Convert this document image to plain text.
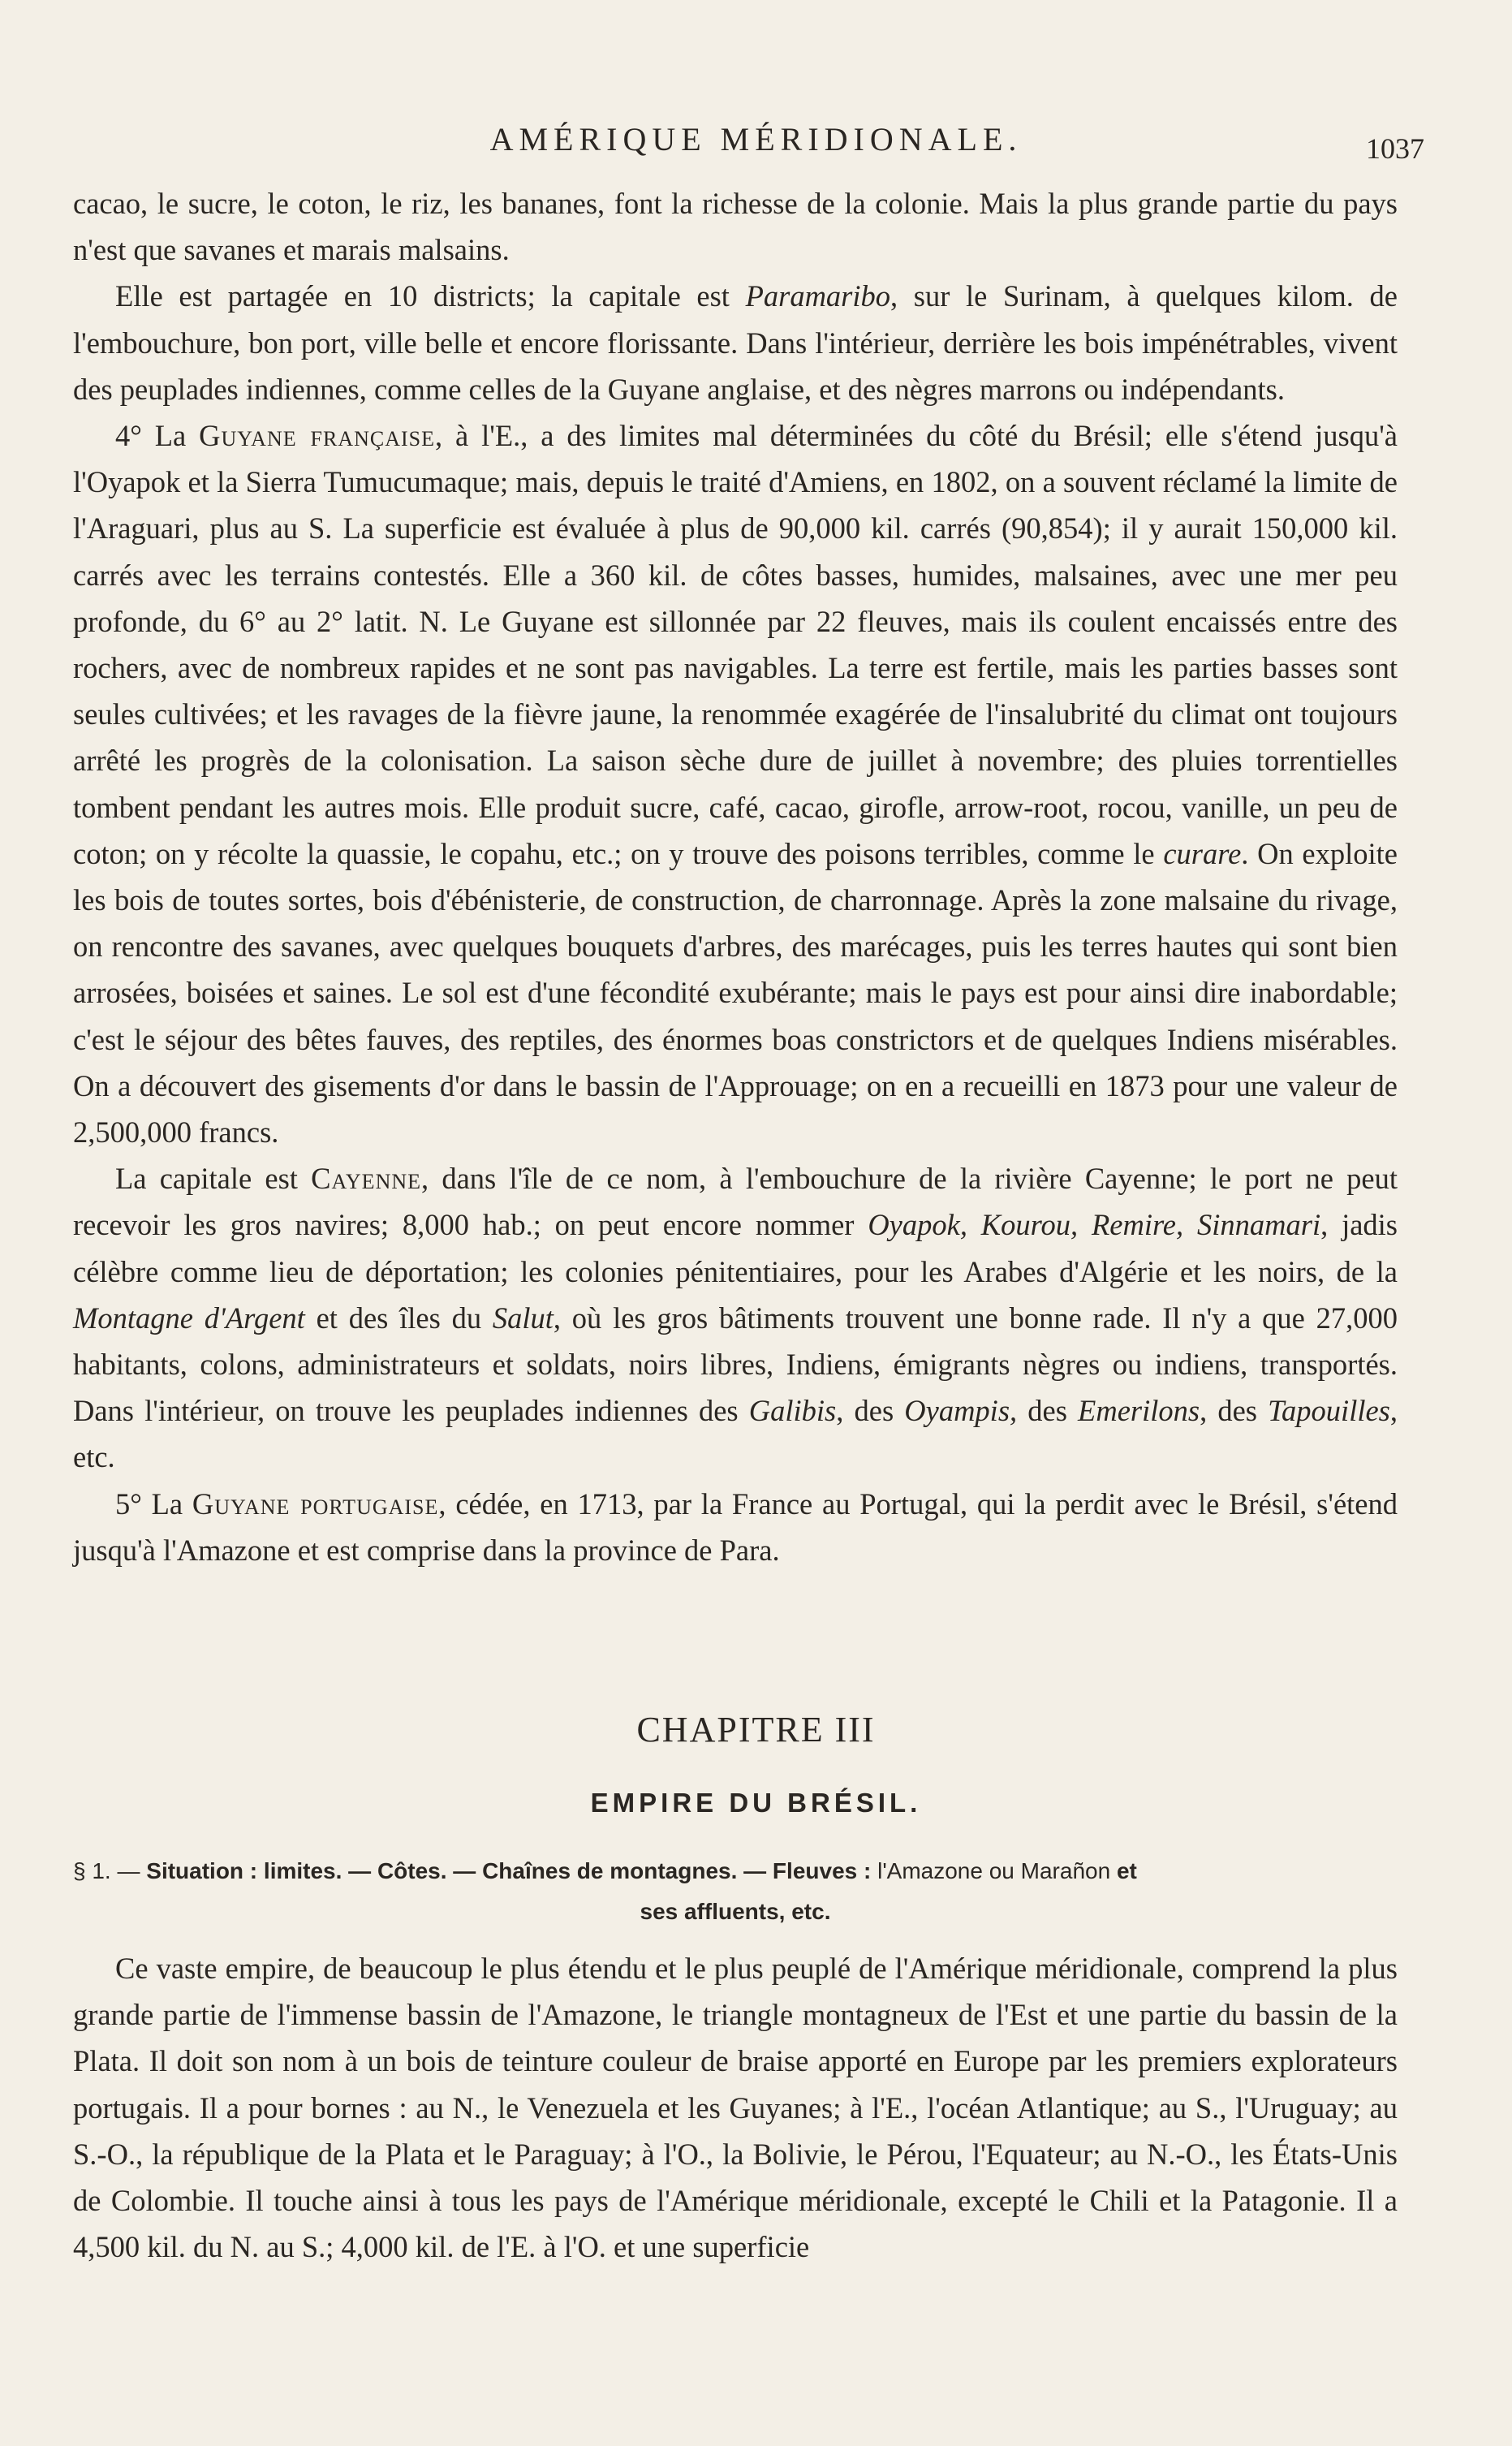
AMÉRIQUE MÉRIDIONALE.	1037

cacao, le sucre, le coton, le riz, les bananes, font la richesse de la colonie. Mais la plus grande partie du pays n'est que savanes et marais malsains.

Elle est partagée en 10 districts; la capitale est Paramaribo, sur le Surinam, à quelques kilom. de l'embouchure, bon port, ville belle et encore florissante. Dans l'intérieur, derrière les bois impénétrables, vivent des peuplades indiennes, comme celles de la Guyane anglaise, et des nègres marrons ou indépendants.

4° La Guyane française, à l'E., a des limites mal déterminées du côté du Brésil; elle s'étend jusqu'à l'Oyapok et la Sierra Tumucumaque; mais, depuis le traité d'Amiens, en 1802, on a souvent réclamé la limite de l'Araguari, plus au S. La superficie est évaluée à plus de 90,000 kil. carrés (90,854); il y aurait 150,000 kil. carrés avec les terrains contestés. Elle a 360 kil. de côtes basses, humides, malsaines, avec une mer peu profonde, du 6° au 2° latit. N. Le Guyane est sillonnée par 22 fleuves, mais ils coulent encaissés entre des rochers, avec de nombreux rapides et ne sont pas navigables. La terre est fertile, mais les parties basses sont seules cultivées; et les ravages de la fièvre jaune, la renommée exagérée de l'insalubrité du climat ont toujours arrêté les progrès de la colonisation. La saison sèche dure de juillet à novembre; des pluies torrentielles tombent pendant les autres mois. Elle produit sucre, café, cacao, girofle, arrow-root, rocou, vanille, un peu de coton; on y récolte la quassie, le copahu, etc.; on y trouve des poisons terribles, comme le curare. On exploite les bois de toutes sortes, bois d'ébénisterie, de construction, de charronnage. Après la zone malsaine du rivage, on rencontre des savanes, avec quelques bouquets d'arbres, des marécages, puis les terres hautes qui sont bien arrosées, boisées et saines. Le sol est d'une fécondité exubérante; mais le pays est pour ainsi dire inabordable; c'est le séjour des bêtes fauves, des reptiles, des énormes boas constrictors et de quelques Indiens misérables. On a découvert des gisements d'or dans le bassin de l'Approuage; on en a recueilli en 1873 pour une valeur de 2,500,000 francs.

La capitale est Cayenne, dans l'île de ce nom, à l'embouchure de la rivière Cayenne; le port ne peut recevoir les gros navires; 8,000 hab.; on peut encore nommer Oyapok, Kourou, Remire, Sinnamari, jadis célèbre comme lieu de déportation; les colonies pénitentiaires, pour les Arabes d'Algérie et les noirs, de la Montagne d'Argent et des îles du Salut, où les gros bâtiments trouvent une bonne rade. Il n'y a que 27,000 habitants, colons, administrateurs et soldats, noirs libres, Indiens, émigrants nègres ou indiens, transportés. Dans l'intérieur, on trouve les peuplades indiennes des Galibis, des Oyampis, des Emerilons, des Tapouilles, etc.

5° La Guyane portugaise, cédée, en 1713, par la France au Portugal, qui la perdit avec le Brésil, s'étend jusqu'à l'Amazone et est comprise dans la province de Para.

CHAPITRE III
EMPIRE DU BRÉSIL.
§ 1. — Situation : limites. — Côtes. — Chaînes de montagnes. — Fleuves : l'Amazone ou Marañon et
ses affluents, etc.

Ce vaste empire, de beaucoup le plus étendu et le plus peuplé de l'Amérique méridionale, comprend la plus grande partie de l'immense bassin de l'Amazone, le triangle montagneux de l'Est et une partie du bassin de la Plata. Il doit son nom à un bois de teinture couleur de braise apporté en Europe par les premiers explorateurs portugais. Il a pour bornes : au N., le Venezuela et les Guyanes; à l'E., l'océan Atlantique; au S., l'Uruguay; au S.-O., la république de la Plata et le Paraguay; à l'O., la Bolivie, le Pérou, l'Equateur; au N.-O., les États-Unis de Colombie. Il touche ainsi à tous les pays de l'Amérique méridionale, excepté le Chili et la Patagonie. Il a 4,500 kil. du N. au S.; 4,000 kil. de l'E. à l'O. et une superficie
